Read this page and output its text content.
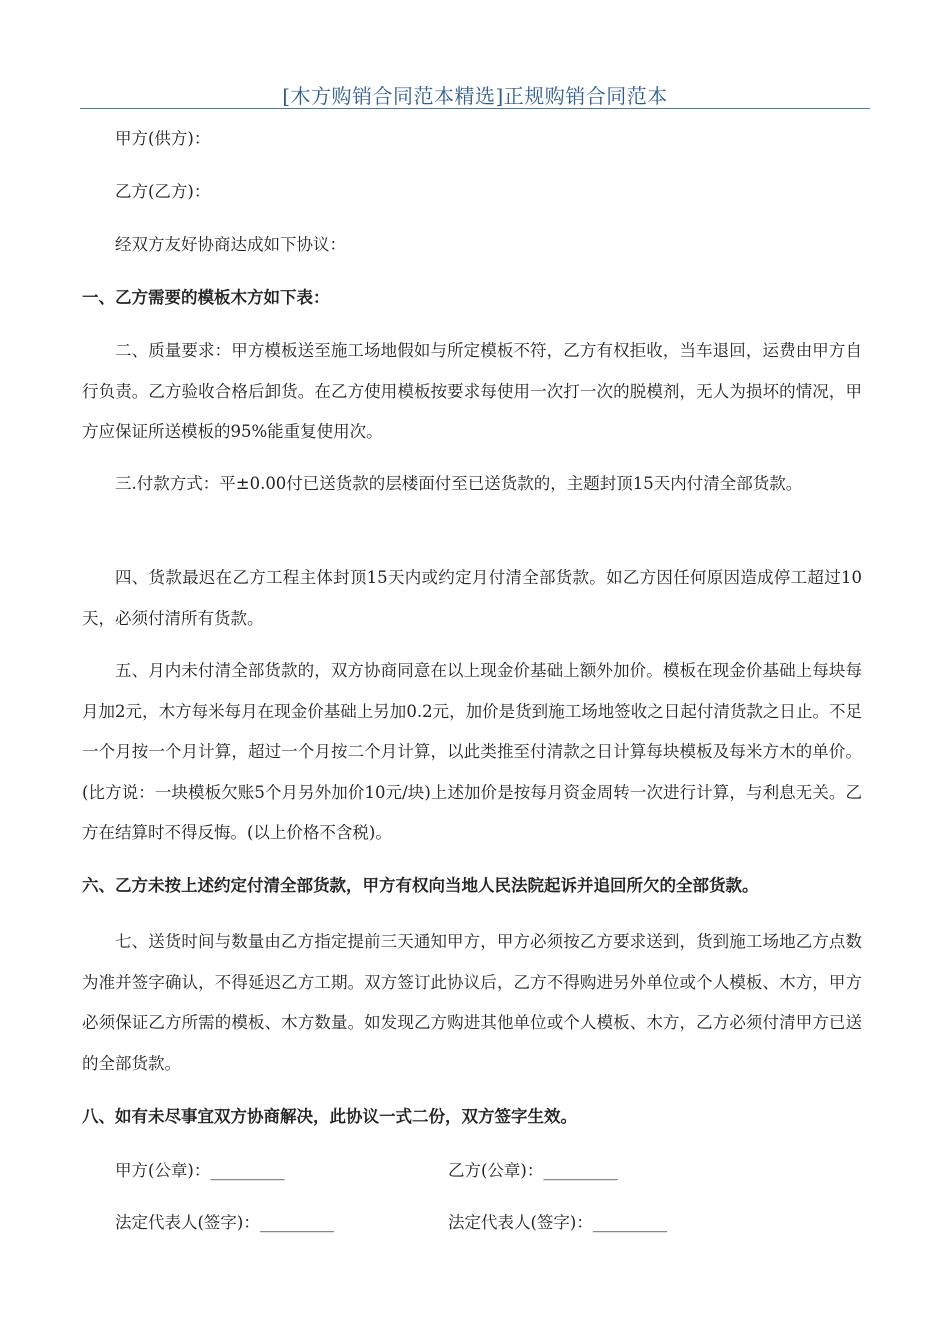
[木方购销合同范本精选]正规购销合同范本

甲方(供方)：

乙方(乙方)：

经双方友好协商达成如下协议：

一、乙方需要的模板木方如下表：

二、质量要求：甲方模板送至施工场地假如与所定模板不符，乙方有权拒收，当车退回，运费由甲方自行负责。乙方验收合格后卸货。在乙方使用模板按要求每使用一次打一次的脱模剂，无人为损坏的情况，甲方应保证所送模板的95%能重复使用次。

三.付款方式：平±0.00付已送货款的层楼面付至已送货款的，主题封顶15天内付清全部货款。

四、货款最迟在乙方工程主体封顶15天内或约定月付清全部货款。如乙方因任何原因造成停工超过10天，必须付清所有货款。

五、月内未付清全部货款的，双方协商同意在以上现金价基础上额外加价。模板在现金价基础上每块每月加2元，木方每米每月在现金价基础上另加0.2元，加价是货到施工场地签收之日起付清货款之日止。不足一个月按一个月计算，超过一个月按二个月计算，以此类推至付清款之日计算每块模板及每米方木的单价。(比方说：一块模板欠账5个月另外加价10元/块)上述加价是按每月资金周转一次进行计算，与利息无关。乙方在结算时不得反悔。(以上价格不含税)。

六、乙方未按上述约定付清全部货款，甲方有权向当地人民法院起诉并追回所欠的全部货款。

七、送货时间与数量由乙方指定提前三天通知甲方，甲方必须按乙方要求送到，货到施工场地乙方点数为准并签字确认，不得延迟乙方工期。双方签订此协议后，乙方不得购进另外单位或个人模板、木方，甲方必须保证乙方所需的模板、木方数量。如发现乙方购进其他单位或个人模板、木方，乙方必须付清甲方已送的全部货款。

八、如有未尽事宜双方协商解决，此协议一式二份，双方签字生效。

甲方(公章)：_________	乙方(公章)：_________
法定代表人(签字)：_________	法定代表人(签字)：_________
